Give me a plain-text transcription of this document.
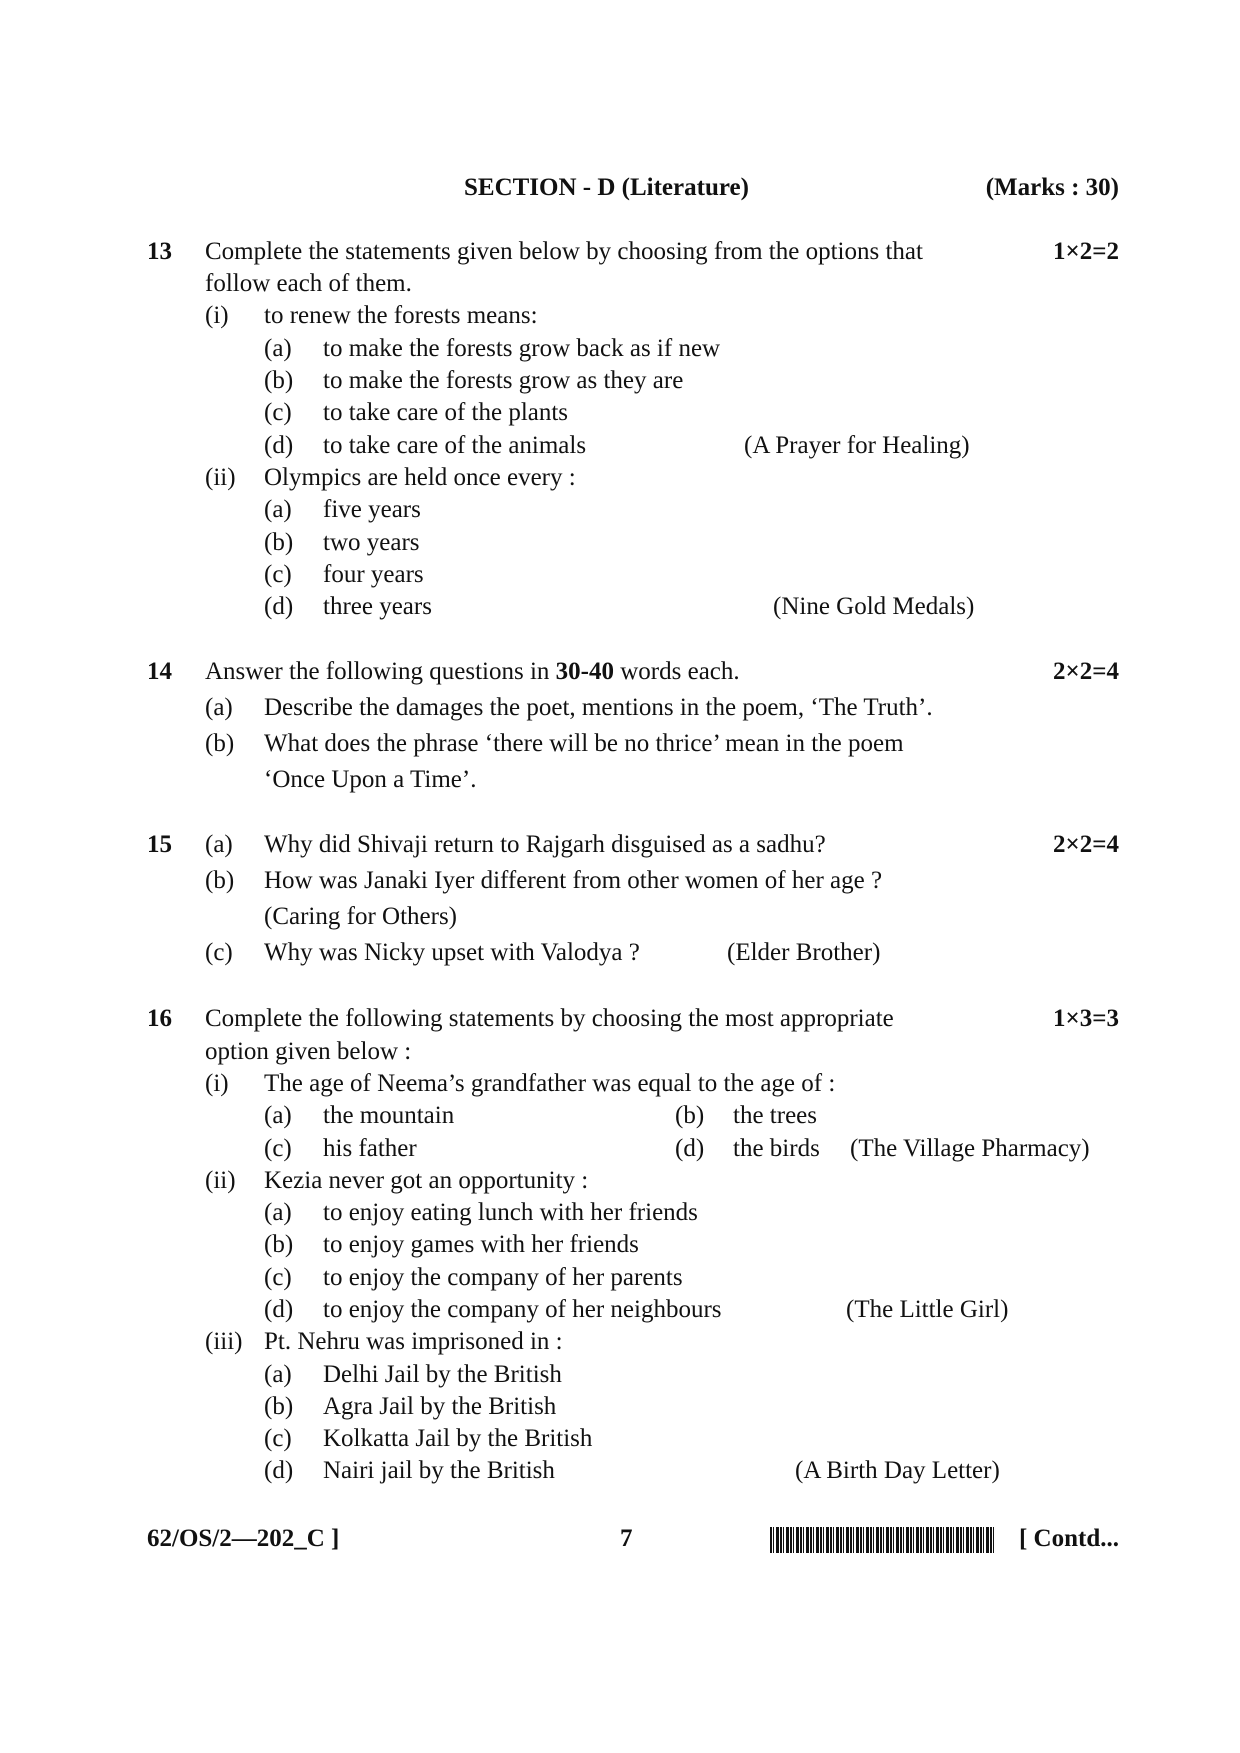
SECTION - D (Literature)	(Marks : 30)
13 Complete the statements given below by choosing from the options that	1×2=2
follow each of them.
(i) to renew the forests means:
(a) to make the forests grow back as if new
(b) to make the forests grow as they are
(c) to take care of the plants
(d) to take care of the animals	(A Prayer for Healing)
(ii) Olympics are held once every :
(a) five years
(b) two years
(c) four years
(d) three years	(Nine Gold Medals)
14 Answer the following questions in 30-40 words each.	2×2=4
(a) Describe the damages the poet, mentions in the poem, ‘The Truth’.
(b) What does the phrase ‘there will be no thrice’ mean in the poem
‘Once Upon a Time’.
15 (a) Why did Shivaji return to Rajgarh disguised as a sadhu?	2×2=4
(b) How was Janaki Iyer different from other women of her age ?
(Caring for Others)
(c) Why was Nicky upset with Valodya ?	(Elder Brother)
16 Complete the following statements by choosing the most appropriate	1×3=3
option given below :
(i) The age of Neema’s grandfather was equal to the age of :
(a) the mountain	(b) the trees
(c) his father	(d) the birds (The Village Pharmacy)
(ii) Kezia never got an opportunity :
(a) to enjoy eating lunch with her friends
(b) to enjoy games with her friends
(c) to enjoy the company of her parents
(d) to enjoy the company of her neighbours	(The Little Girl)
(iii) Pt. Nehru was imprisoned in :
(a) Delhi Jail by the British
(b) Agra Jail by the British
(c) Kolkatta Jail by the British
(d) Nairi jail by the British	(A Birth Day Letter)
62/OS/2—202_C ]	7	[ Contd...
